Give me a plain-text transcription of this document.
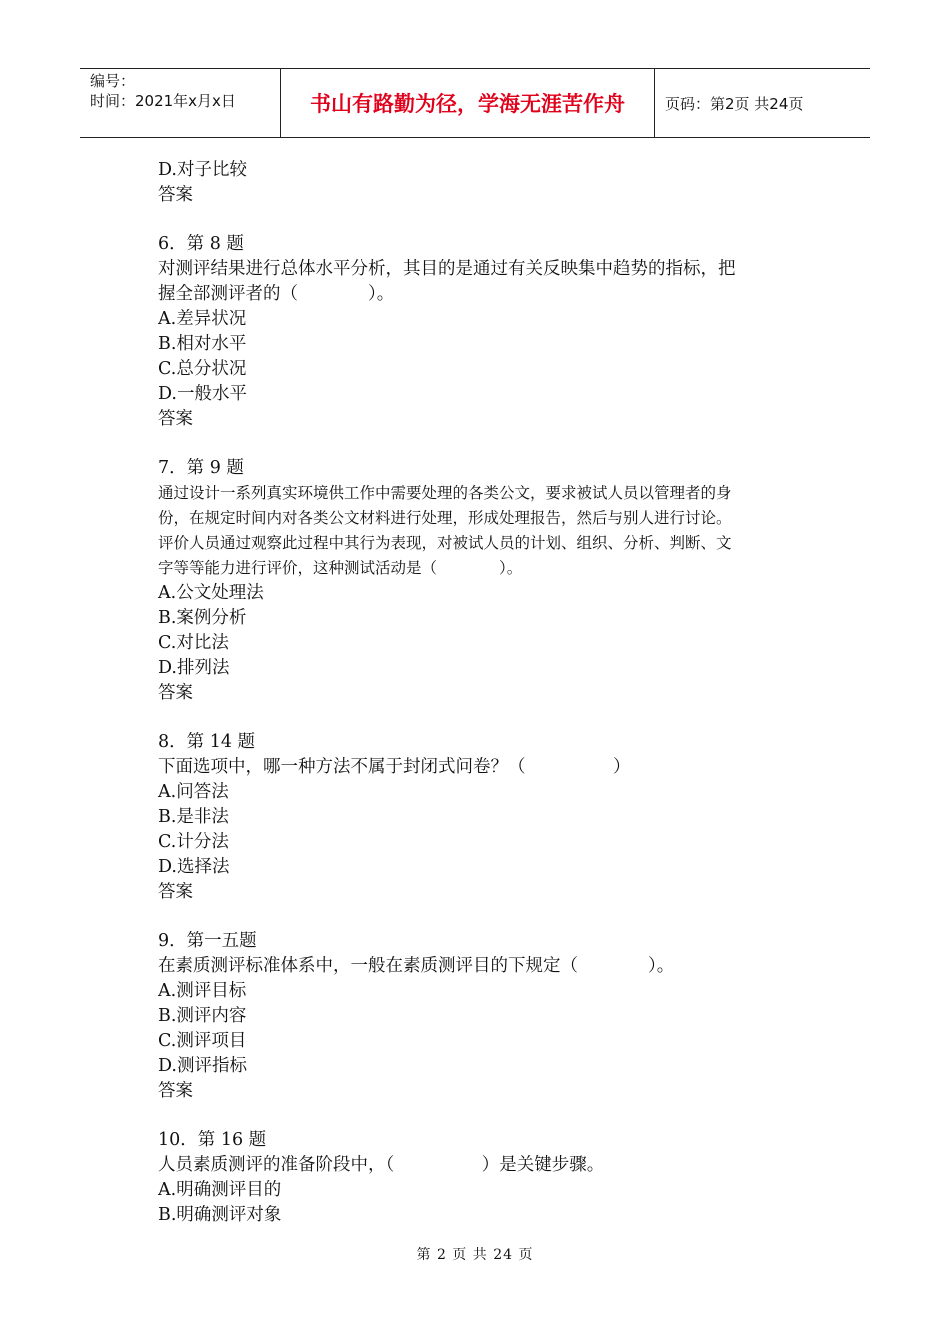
编号：
时间：2021年x月x日	书山有路勤为径，学海无涯苦作舟	页码：第2页 共24页
D.对子比较
答案
6．第 8 题
对测评结果进行总体水平分析，其目的是通过有关反映集中趋势的指标，把
握全部测评者的（　　　　）。
A.差异状况
B.相对水平
C.总分状况
D.一般水平
答案
7．第 9 题
通过设计一系列真实环境供工作中需要处理的各类公文，要求被试人员以管理者的身
份，在规定时间内对各类公文材料进行处理，形成处理报告，然后与别人进行讨论。
评价人员通过观察此过程中其行为表现，对被试人员的计划、组织、分析、判断、文
字等等能力进行评价，这种测试活动是（　　　　）。
A.公文处理法
B.案例分析
C.对比法
D.排列法
答案
8．第 14 题
下面选项中，哪一种方法不属于封闭式问卷？（　　　　　）
A.问答法
B.是非法
C.计分法
D.选择法
答案
9．第一五题
在素质测评标准体系中，一般在素质测评目的下规定（　　　　）。
A.测评目标
B.测评内容
C.测评项目
D.测评指标
答案
10．第 16 题
人员素质测评的准备阶段中，（　　　　　）是关键步骤。
A.明确测评目的
B.明确测评对象
第 2 页 共 24 页
